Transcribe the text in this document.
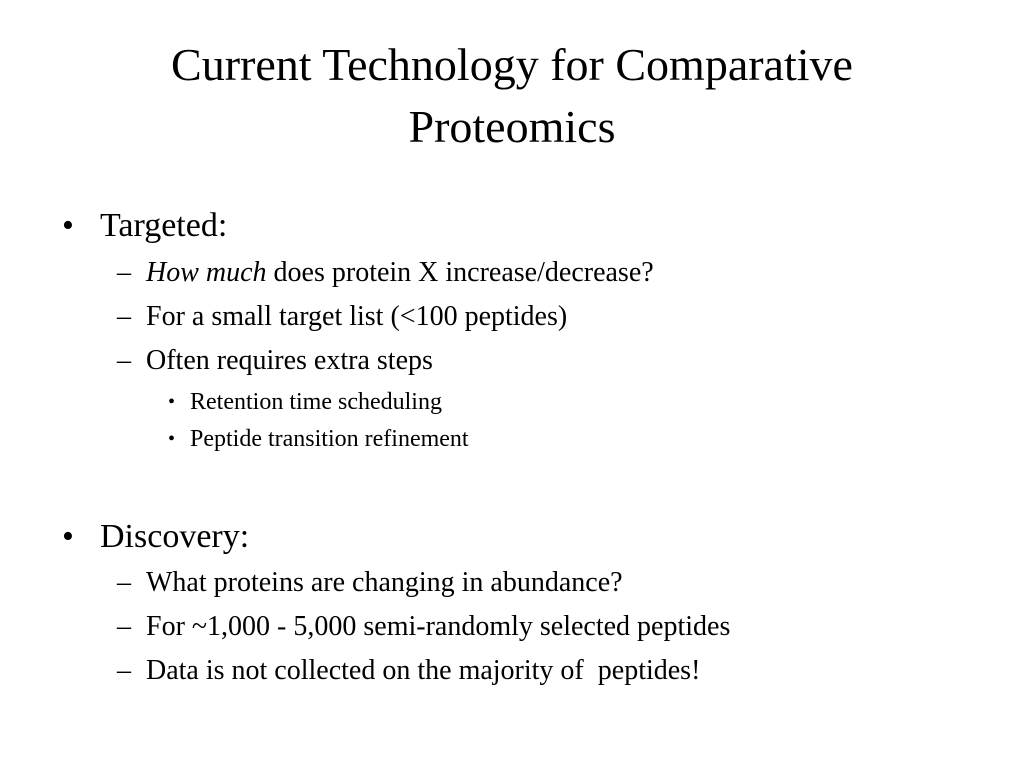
Current Technology for Comparative
Proteomics
• Targeted:
– How much does protein X increase/decrease?
– For a small target list (<100 peptides)
– Often requires extra steps
• Retention time scheduling
• Peptide transition refinement
• Discovery:
– What proteins are changing in abundance?
– For ~1,000 - 5,000 semi-randomly selected peptides
– Data is not collected on the majority of  peptides!
